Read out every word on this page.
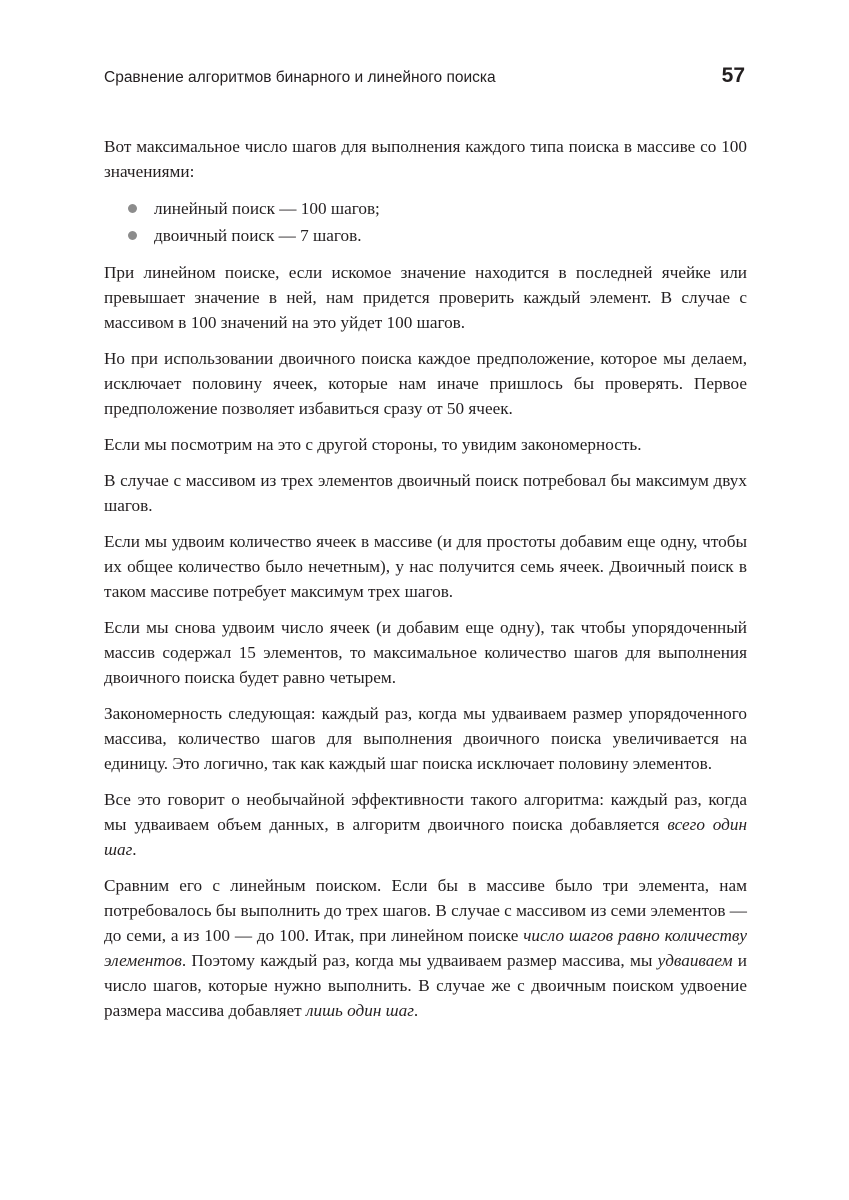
Сравнение алгоритмов бинарного и линейного поиска	57

Вот максимальное число шагов для выполнения каждого типа поиска в массиве со 100 значениями:

линейный поиск — 100 шагов;
двоичный поиск — 7 шагов.

При линейном поиске, если искомое значение находится в последней ячейке или превышает значение в ней, нам придется проверить каждый элемент. В случае с массивом в 100 значений на это уйдет 100 шагов.

Но при использовании двоичного поиска каждое предположение, которое мы делаем, исключает половину ячеек, которые нам иначе пришлось бы проверять. Первое предположение позволяет избавиться сразу от 50 ячеек.

Если мы посмотрим на это с другой стороны, то увидим закономерность.

В случае с массивом из трех элементов двоичный поиск потребовал бы максимум двух шагов.

Если мы удвоим количество ячеек в массиве (и для простоты добавим еще одну, чтобы их общее количество было нечетным), у нас получится семь ячеек. Двоичный поиск в таком массиве потребует максимум трех шагов.

Если мы снова удвоим число ячеек (и добавим еще одну), так чтобы упорядоченный массив содержал 15 элементов, то максимальное количество шагов для выполнения двоичного поиска будет равно четырем.

Закономерность следующая: каждый раз, когда мы удваиваем размер упорядоченного массива, количество шагов для выполнения двоичного поиска увеличивается на единицу. Это логично, так как каждый шаг поиска исключает половину элементов.

Все это говорит о необычайной эффективности такого алгоритма: каждый раз, когда мы удваиваем объем данных, в алгоритм двоичного поиска добавляется всего один шаг.

Сравним его с линейным поиском. Если бы в массиве было три элемента, нам потребовалось бы выполнить до трех шагов. В случае с массивом из семи элементов — до семи, а из 100 — до 100. Итак, при линейном поиске число шагов равно количеству элементов. Поэтому каждый раз, когда мы удваиваем размер массива, мы удваиваем и число шагов, которые нужно выполнить. В случае же с двоичным поиском удвоение размера массива добавляет лишь один шаг.
